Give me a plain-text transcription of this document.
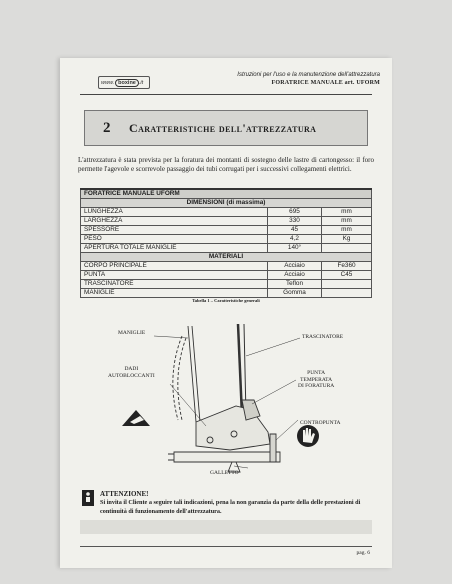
www. boxine .it
Istruzioni per l'uso e la manutenzione dell'attrezzatura
FORATRICE MANUALE art. UFORM
2	Caratteristiche dell'attrezzatura
L'attrezzatura è stata prevista per la foratura dei montanti di sostegno delle lastre di cartongesso: il foro permette l'agevole e scorrevole passaggio dei tubi corrugati per i successivi collegamenti elettrici.
FORATRICE MANUALE UFORM		
DIMENSIONI (di massima)		
LUNGHEZZA	695	mm
LARGHEZZA	330	mm
SPESSORE	45	mm
PESO	4,2	Kg
APERTURA TOTALE MANIGLIE	140°	
MATERIALI		
CORPO PRINCIPALE	Acciaio	Fe360
PUNTA	Acciaio	C45
TRASCINATORE	Teflon	
MANIGLIE	Gomma	
Tabella 1 – Caratteristiche generali
MANIGLIE
TRASCINATORE
DADI
AUTOBLOCCANTI	PUNTA
TEMPERATA
DI FORATURA
CONTROPUNTA
GALLETTO
ATTENZIONE!
Si invita il Cliente a seguire tali indicazioni, pena la non garanzia da parte della delle prestazioni di continuità di funzionamento dell'attrezzatura.
pag. 6
